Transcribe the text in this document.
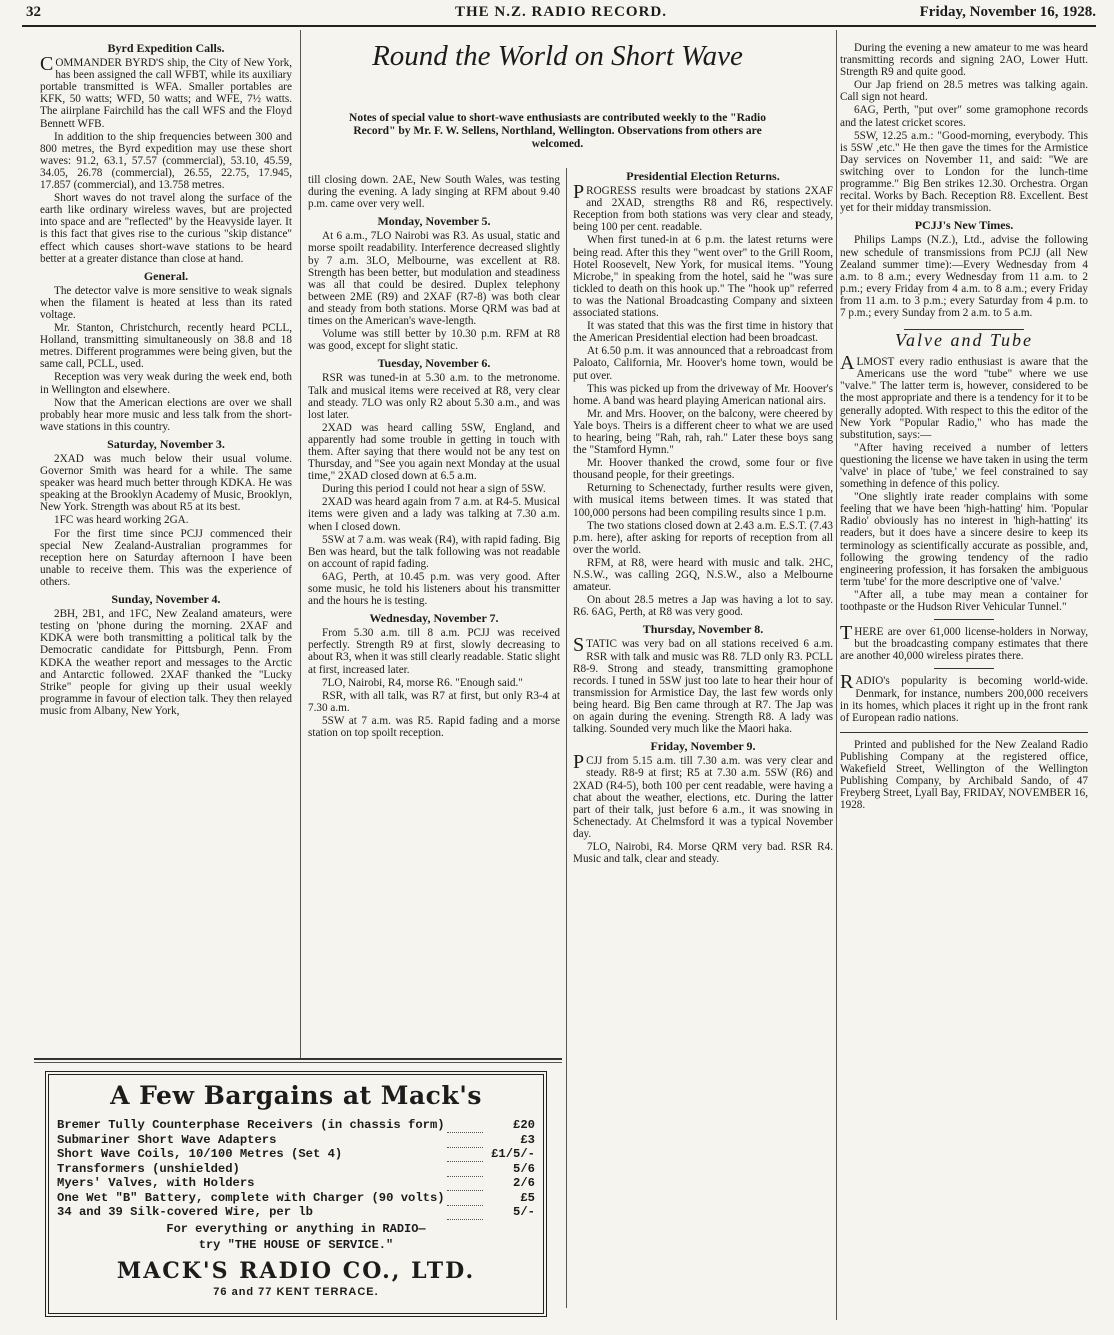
32	THE N.Z. RADIO RECORD.	Friday, November 16, 1928.
Round the World on Short Wave
Notes of special value to short-wave enthusiasts are contributed weekly to the "Radio Record" by Mr. F. W. Sellens, Northland, Wellington. Observations from others are welcomed.
Byrd Expedition Calls.

COMMANDER BYRD'S ship, the City of New York, has been assigned the call WFBT, while its auxiliary portable transmitted is WFA. Smaller portables are KFK, 50 watts; WFD, 50 watts; and WFE, 7½ watts. The aiirplane Fairchild has the call WFS and the Floyd Bennett WFB.

In addition to the ship frequencies between 300 and 800 metres, the Byrd expedition may use these short waves: 91.2, 63.1, 57.57 (commercial), 53.10, 45.59, 34.05, 26.78 (commercial), 26.55, 22.75, 17.945, 17.857 (commercial), and 13.758 metres.

Short waves do not travel along the surface of the earth like ordinary wireless waves, but are projected into space and are "reflected" by the Heavyside layer. It is this fact that gives rise to the curious "skip distance" effect which causes short-wave stations to be heard better at a greater distance than close at hand.

General.

The detector valve is more sensitive to weak signals when the filament is heated at less than its rated voltage.

Mr. Stanton, Christchurch, recently heard PCLL, Holland, transmitting simultaneously on 38.8 and 18 metres. Different programmes were being given, but the same call, PCLL, used.

Reception was very weak during the week end, both in Wellington and elsewhere.

Now that the American elections are over we shall probably hear more music and less talk from the short-wave stations in this country.

Saturday, November 3.

2XAD was much below their usual volume. Governor Smith was heard for a while. The same speaker was heard much better through KDKA. He was speaking at the Brooklyn Academy of Music, Brooklyn, New York. Strength was about R5 at its best.

1FC was heard working 2GA.

For the first time since PCJJ commenced their special New Zealand-Australian programmes for reception here on Saturday afternoon I have been unable to receive them. This was the experience of others.

Sunday, November 4.

2BH, 2B1, and 1FC, New Zealand amateurs, were testing on 'phone during the morning. 2XAF and KDKA were both transmitting a political talk by the Democratic candidate for Pittsburgh, Penn. From KDKA the weather report and messages to the Arctic and Antarctic followed. 2XAF thanked the "Lucky Strike" people for giving up their usual weekly programme in favour of election talk. They then relayed music from Albany, New York,

till closing down. 2AE, New South Wales, was testing during the evening. A lady singing at RFM about 9.40 p.m. came over very well.

Monday, November 5.

At 6 a.m., 7LO Nairobi was R3. As usual, static and morse spoilt readability. Interference decreased slightly by 7 a.m. 3LO, Melbourne, was excellent at R8. Strength has been better, but modulation and steadiness was all that could be desired. Duplex telephony between 2ME (R9) and 2XAF (R7-8) was both clear and steady from both stations. Morse QRM was bad at times on the American's wave-length.

Volume was still better by 10.30 p.m. RFM at R8 was good, except for slight static.

Tuesday, November 6.

RSR was tuned-in at 5.30 a.m. to the metronome. Talk and musical items were received at R8, very clear and steady. 7LO was only R2 about 5.30 a.m., and was lost later.

2XAD was heard calling 5SW, England, and apparently had some trouble in getting in touch with them. After saying that there would not be any test on Thursday, and "See you again next Monday at the usual time," 2XAD closed down at 6.5 a.m.

During this period I could not hear a sign of 5SW.

2XAD was heard again from 7 a.m. at R4-5. Musical items were given and a lady was talking at 7.30 a.m. when I closed down.

5SW at 7 a.m. was weak (R4), with rapid fading. Big Ben was heard, but the talk following was not readable on account of rapid fading.

6AG, Perth, at 10.45 p.m. was very good. After some music, he told his listeners about his transmitter and the hours he is testing.

Wednesday, November 7.

From 5.30 a.m. till 8 a.m. PCJJ was received perfectly. Strength R9 at first, slowly decreasing to about R3, when it was still clearly readable. Static slight at first, increased later.

7LO, Nairobi, R4, morse R6. "Enough said."

RSR, with all talk, was R7 at first, but only R3-4 at 7.30 a.m.

5SW at 7 a.m. was R5. Rapid fading and a morse station on top spoilt reception.

Presidential Election Returns.

PROGRESS results were broadcast by stations 2XAF and 2XAD, strengths R8 and R6, respectively. Reception from both stations was very clear and steady, being 100 per cent. readable.

When first tuned-in at 6 p.m. the latest returns were being read. After this they "went over" to the Grill Room, Hotel Roosevelt, New York, for musical items. "Young Microbe," in speaking from the hotel, said he "was sure tickled to death on this hook up." The "hook up" referred to was the National Broadcasting Company and sixteen associated stations.

It was stated that this was the first time in history that the American Presidential election had been broadcast.

At 6.50 p.m. it was announced that a rebroadcast from Paloato, California, Mr. Hoover's home town, would be put over.

This was picked up from the driveway of Mr. Hoover's home. A band was heard playing American national airs.

Mr. and Mrs. Hoover, on the balcony, were cheered by Yale boys. Theirs is a different cheer to what we are used to hearing, being "Rah, rah, rah." Later these boys sang the "Stamford Hymn."

Mr. Hoover thanked the crowd, some four or five thousand people, for their greetings.

Returning to Schenectady, further results were given, with musical items between times. It was stated that 100,000 persons had been compiling results since 1 p.m.

The two stations closed down at 2.43 a.m. E.S.T. (7.43 p.m. here), after asking for reports of reception from all over the world.

RFM, at R8, were heard with music and talk. 2HC, N.S.W., was calling 2GQ, N.S.W., also a Melbourne amateur.

On about 28.5 metres a Jap was having a lot to say. R6. 6AG, Perth, at R8 was very good.

Thursday, November 8.

STATIC was very bad on all stations received 6 a.m. RSR with talk and music was R8. 7LD only R3. PCLL R8-9. Strong and steady, transmitting gramophone records. I tuned in 5SW just too late to hear their hour of transmission for Armistice Day, the last few words only being heard. Big Ben came through at R7. The Jap was on again during the evening. Strength R8. A lady was talking. Sounded very much like the Maori haka.

Friday, November 9.

PCJJ from 5.15 a.m. till 7.30 a.m. was very clear and steady. R8-9 at first; R5 at 7.30 a.m. 5SW (R6) and 2XAD (R4-5), both 100 per cent readable, were having a chat about the weather, elections, etc. During the latter part of their talk, just before 6 a.m., it was snowing in Schenectady. At Chelmsford it was a typical November day.

7LO, Nairobi, R4. Morse QRM very bad. RSR R4. Music and talk, clear and steady.

During the evening a new amateur to me was heard transmitting records and signing 2AO, Lower Hutt. Strength R9 and quite good.

Our Jap friend on 28.5 metres was talking again. Call sign not heard.

6AG, Perth, "put over" some gramophone records and the latest cricket scores.

5SW, 12.25 a.m.: "Good-morning, everybody. This is 5SW ,etc." He then gave the times for the Armistice Day services on November 11, and said: "We are switching over to London for the lunch-time programme." Big Ben strikes 12.30. Orchestra. Organ recital. Works by Bach. Reception R8. Excellent. Best yet for their midday transmission.

PCJJ's New Times.

Philips Lamps (N.Z.), Ltd., advise the following new schedule of transmissions from PCJJ (all New Zealand summer time):—Every Wednesday from 4 a.m. to 8 a.m.; every Wednesday from 11 a.m. to 2 p.m.; every Friday from 4 a.m. to 8 a.m.; every Friday from 11 a.m. to 3 p.m.; every Saturday from 4 p.m. to 7 p.m.; every Sunday from 2 a.m. to 5 a.m.

Valve and Tube

ALMOST every radio enthusiast is aware that the Americans use the word "tube" where we use "valve." The latter term is, however, considered to be the most appropriate and there is a tendency for it to be generally adopted. With respect to this the editor of the New York "Popular Radio," who has made the substitution, says:—

"After having received a number of letters questioning the license we have taken in using the term 'valve' in place of 'tube,' we feel constrained to say something in defence of this policy.

"One slightly irate reader complains with some feeling that we have been 'high-hatting' him. 'Popular Radio' obviously has no interest in 'high-hatting' its readers, but it does have a sincere desire to keep its terminology as scientifically accurate as possible, and, following the growing tendency of the radio engineering profession, it has forsaken the ambiguous term 'tube' for the more descriptive one of 'valve.'

"After all, a tube may mean a container for toothpaste or the Hudson River Vehicular Tunnel."

THERE are over 61,000 license-holders in Norway, but the broadcasting company estimates that there are another 40,000 wireless pirates there.

RADIO's popularity is becoming world-wide. Denmark, for instance, numbers 200,000 receivers in its homes, which places it right up in the front rank of European radio nations.

Printed and published for the New Zealand Radio Publishing Company at the registered office, Wakefield Street, Wellington of the Wellington Publishing Company, by Archibald Sando, of 47 Freyberg Street, Lyall Bay, FRIDAY, NOVEMBER 16, 1928.

A Few Bargains at Mack's
Bremer Tully Counterphase Receivers (in chassis form)		£20
Submariner Short Wave Adapters		£3
Short Wave Coils, 10/100 Metres (Set 4)		£1/5/-
Transformers (unshielded)		5/6
Myers' Valves, with Holders		2/6
One Wet "B" Battery, complete with Charger (90 volts)		£5
34 and 39 Silk-covered Wire, per lb		5/-
For everything or anything in RADIO—
try "THE HOUSE OF SERVICE."
MACK'S RADIO CO., LTD.
76 and 77 KENT TERRACE.
